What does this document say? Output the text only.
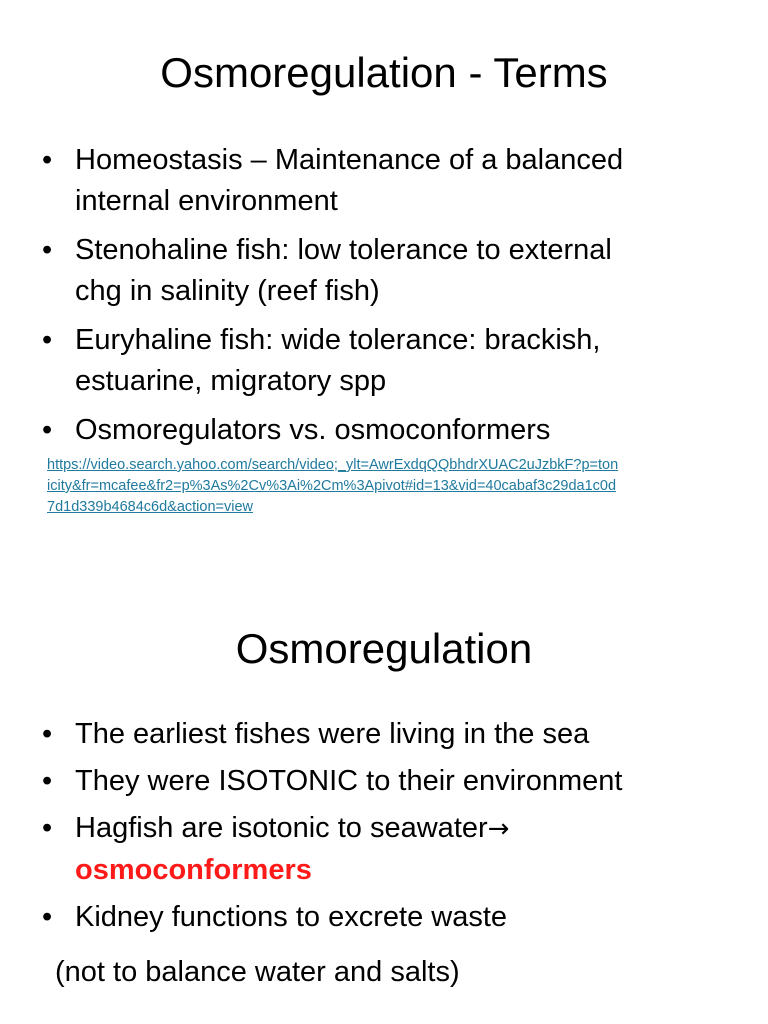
Osmoregulation - Terms
• Homeostasis – Maintenance of a balanced
internal environment
• Stenohaline fish: low tolerance to external
chg in salinity (reef fish)
• Euryhaline fish: wide tolerance: brackish,
estuarine, migratory spp
• Osmoregulators vs. osmoconformers
https://video.search.yahoo.com/search/video;_ylt=AwrExdqQQbhdrXUAC2uJzbkF?p=ton
icity&fr=mcafee&fr2=p%3As%2Cv%3Ai%2Cm%3Apivot#id=13&vid=40cabaf3c29da1c0d
7d1d339b4684c6d&action=view
Osmoregulation
• The earliest fishes were living in the sea
• They were ISOTONIC to their environment
• Hagfish are isotonic to seawater→
osmoconformers
• Kidney functions to excrete waste
(not to balance water and salts)
